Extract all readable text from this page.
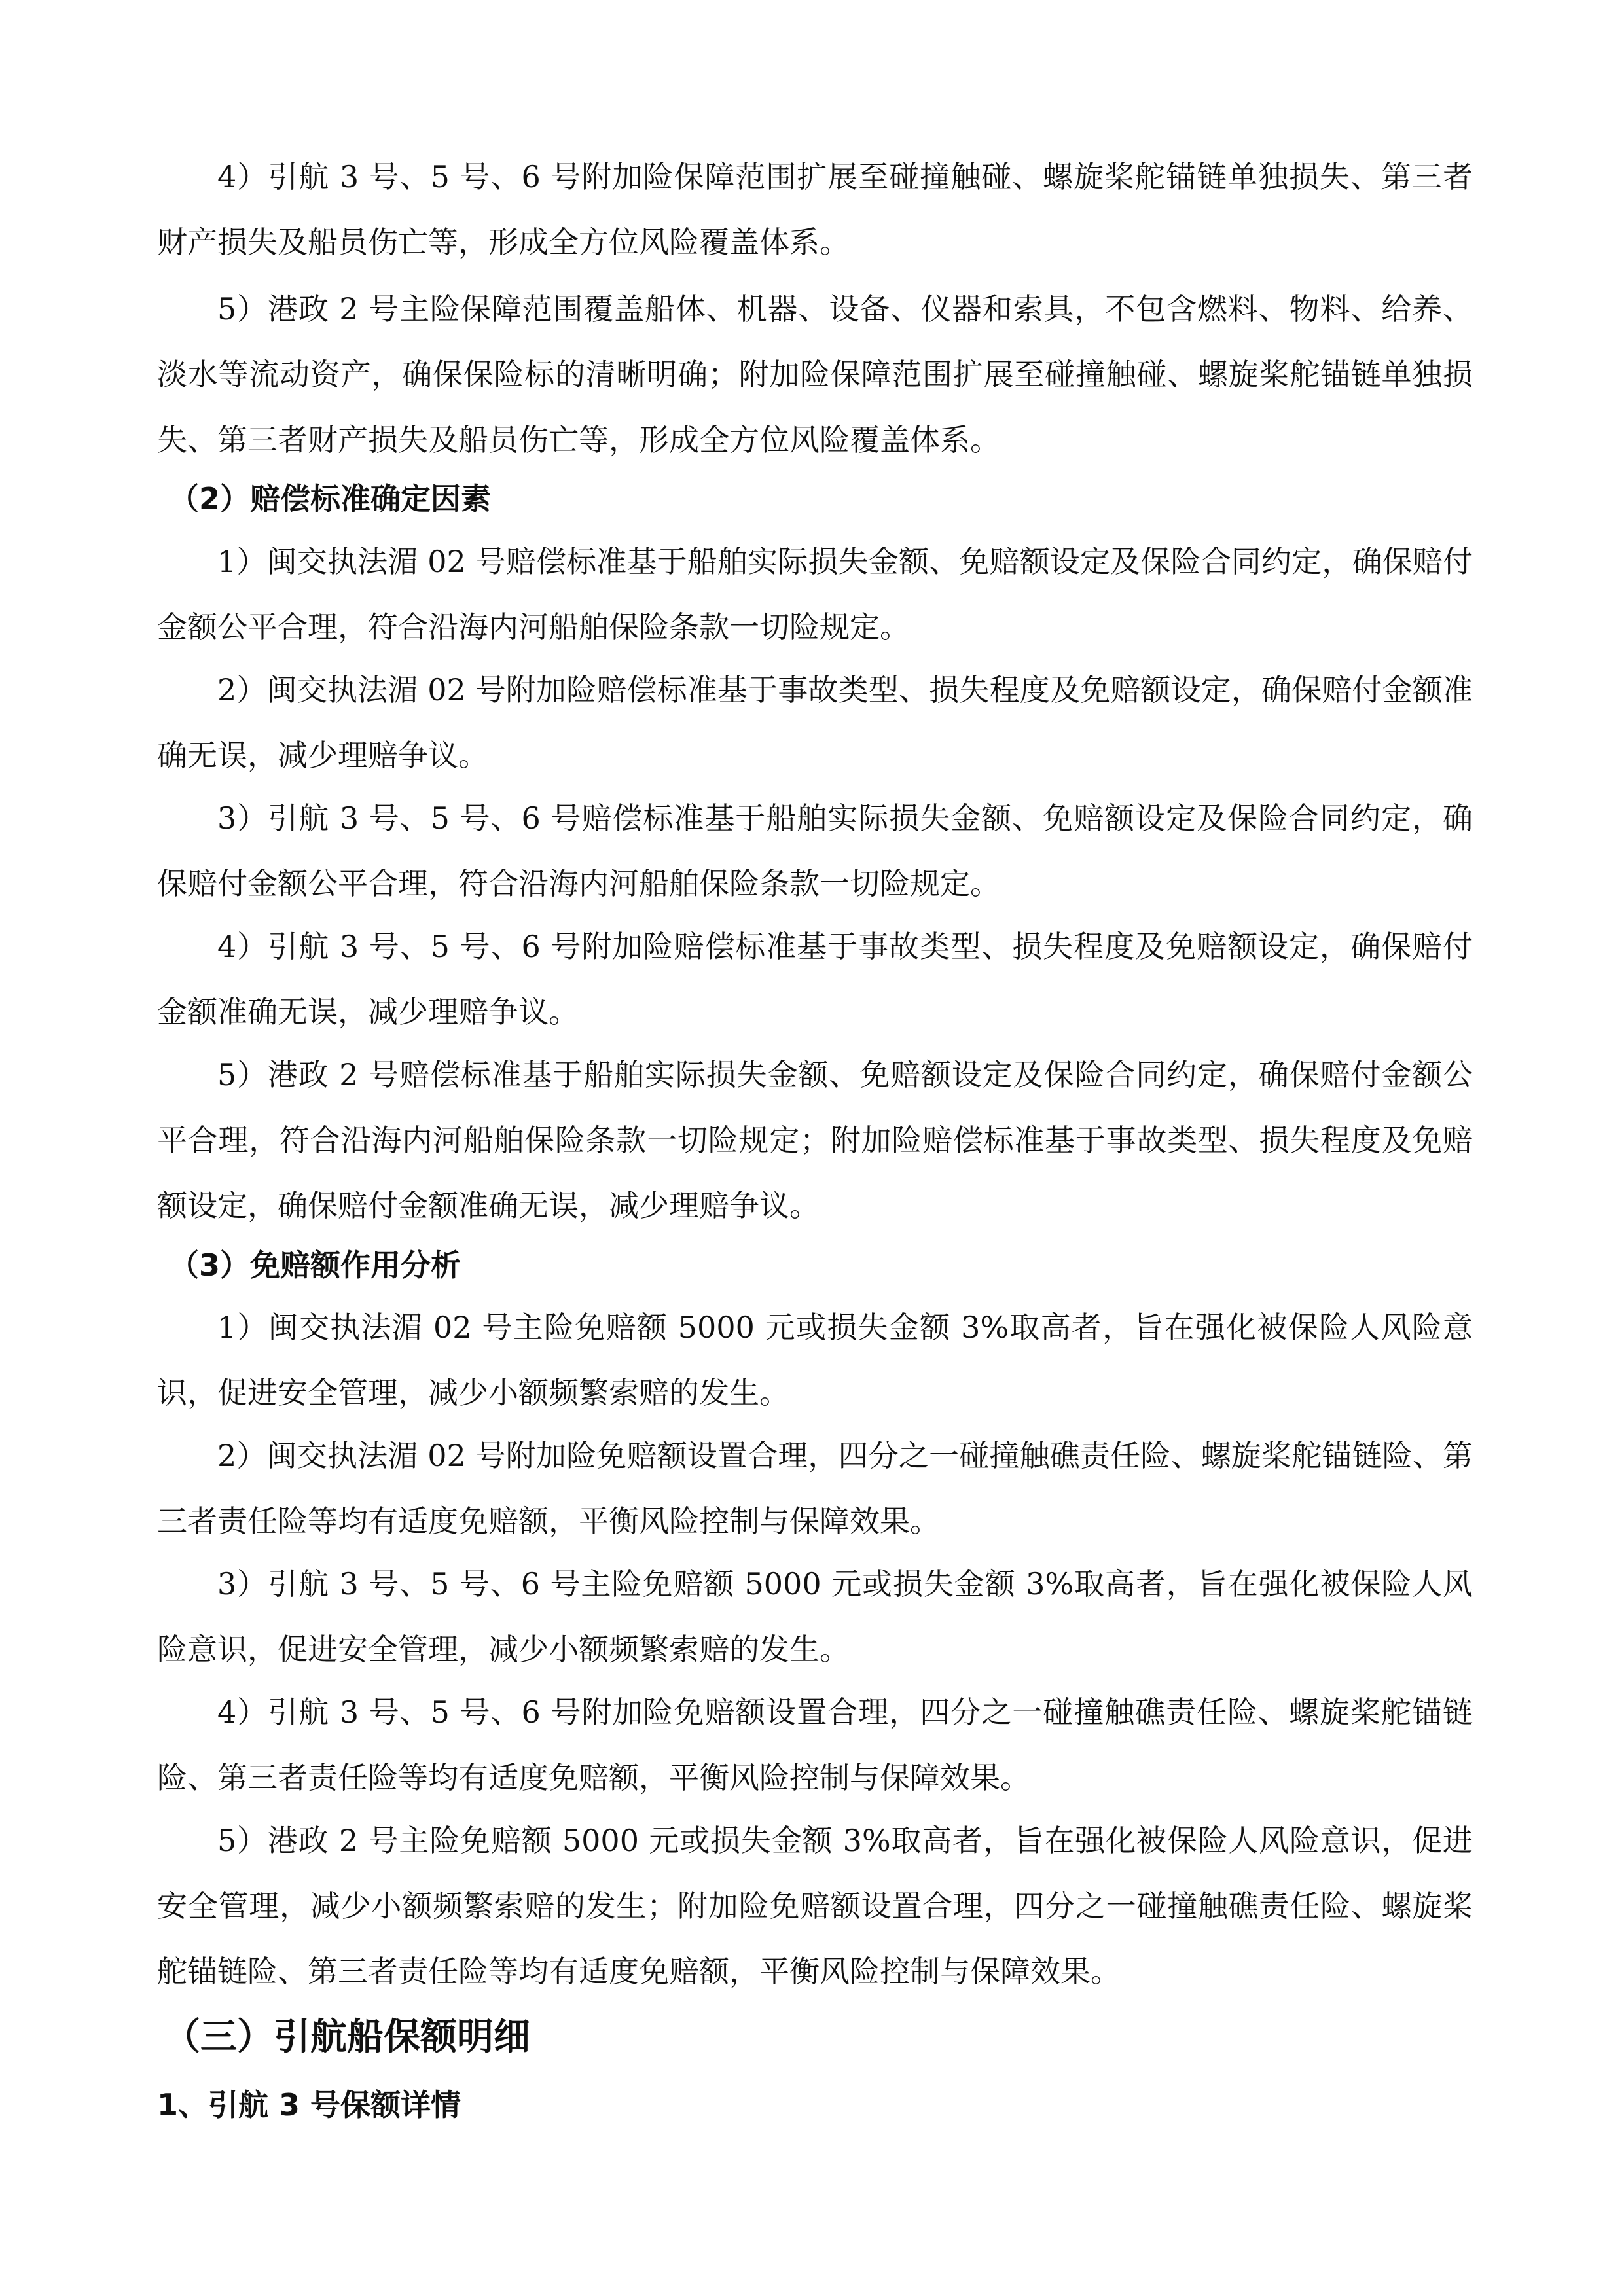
4）引航 3 号、5 号、6 号附加险保障范围扩展至碰撞触碰、螺旋桨舵锚链单独损失、第三者财产损失及船员伤亡等，形成全方位风险覆盖体系。

5）港政 2 号主险保障范围覆盖船体、机器、设备、仪器和索具，不包含燃料、物料、给养、淡水等流动资产，确保保险标的清晰明确；附加险保障范围扩展至碰撞触碰、螺旋桨舵锚链单独损失、第三者财产损失及船员伤亡等，形成全方位风险覆盖体系。

（2）赔偿标准确定因素

1）闽交执法湄 02 号赔偿标准基于船舶实际损失金额、免赔额设定及保险合同约定，确保赔付金额公平合理，符合沿海内河船舶保险条款一切险规定。

2）闽交执法湄 02 号附加险赔偿标准基于事故类型、损失程度及免赔额设定，确保赔付金额准确无误，减少理赔争议。

3）引航 3 号、5 号、6 号赔偿标准基于船舶实际损失金额、免赔额设定及保险合同约定，确保赔付金额公平合理，符合沿海内河船舶保险条款一切险规定。

4）引航 3 号、5 号、6 号附加险赔偿标准基于事故类型、损失程度及免赔额设定，确保赔付金额准确无误，减少理赔争议。

5）港政 2 号赔偿标准基于船舶实际损失金额、免赔额设定及保险合同约定，确保赔付金额公平合理，符合沿海内河船舶保险条款一切险规定；附加险赔偿标准基于事故类型、损失程度及免赔额设定，确保赔付金额准确无误，减少理赔争议。

（3）免赔额作用分析

1）闽交执法湄 02 号主险免赔额 5000 元或损失金额 3%取高者，旨在强化被保险人风险意识，促进安全管理，减少小额频繁索赔的发生。

2）闽交执法湄 02 号附加险免赔额设置合理，四分之一碰撞触礁责任险、螺旋桨舵锚链险、第三者责任险等均有适度免赔额，平衡风险控制与保障效果。

3）引航 3 号、5 号、6 号主险免赔额 5000 元或损失金额 3%取高者，旨在强化被保险人风险意识，促进安全管理，减少小额频繁索赔的发生。

4）引航 3 号、5 号、6 号附加险免赔额设置合理，四分之一碰撞触礁责任险、螺旋桨舵锚链险、第三者责任险等均有适度免赔额，平衡风险控制与保障效果。

5）港政 2 号主险免赔额 5000 元或损失金额 3%取高者，旨在强化被保险人风险意识，促进安全管理，减少小额频繁索赔的发生；附加险免赔额设置合理，四分之一碰撞触礁责任险、螺旋桨舵锚链险、第三者责任险等均有适度免赔额，平衡风险控制与保障效果。

（三）引航船保额明细
1、引航 3 号保额详情
